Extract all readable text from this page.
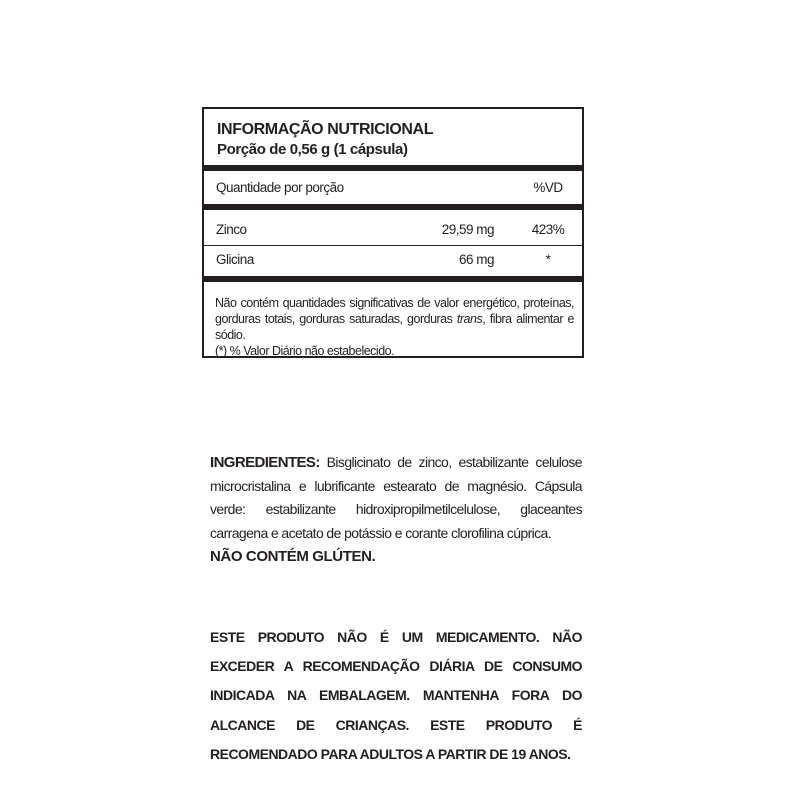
INFORMAÇÃO NUTRICIONAL
Porção de 0,56 g (1 cápsula)
Quantidade por porção	%VD
Zinco	29,59 mg	423%
Glicina	66 mg	*
Não contém quantidades significativas de valor energético, proteínas,
gorduras totais, gorduras saturadas, gorduras trans, fibra alimentar e sódio.
(*) % Valor Diário não estabelecido.
INGREDIENTES: Bisglicinato de zinco, estabilizante celulose microcristalina e lubrificante estearato de magnésio. Cápsula verde: estabilizante hidroxipropilmetilcelulose, glaceantes carragena e acetato de potássio e corante clorofilina cúprica.
NÃO CONTÉM GLÚTEN.
ESTE PRODUTO NÃO É UM MEDICAMENTO. NÃO EXCEDER A RECOMENDAÇÃO DIÁRIA DE CONSUMO INDICADA NA EMBALAGEM. MANTENHA FORA DO ALCANCE DE CRIANÇAS. ESTE PRODUTO É RECOMENDADO PARA ADULTOS A PARTIR DE 19 ANOS.
